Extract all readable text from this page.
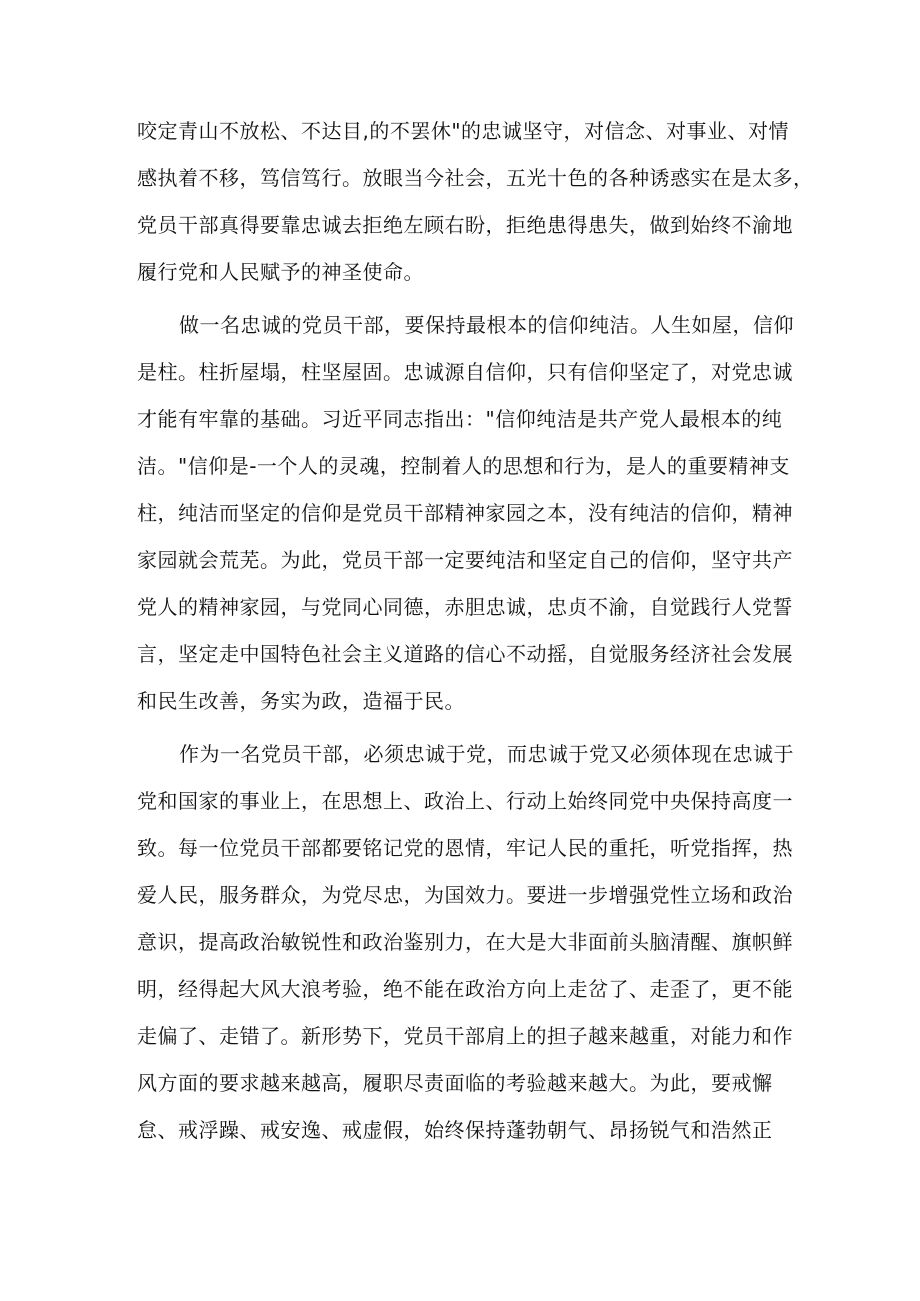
咬定青山不放松、不达目,的不罢休"的忠诚坚守，对信念、对事业、对情
感执着不移，笃信笃行。放眼当今社会，五光十色的各种诱惑实在是太多，
党员干部真得要靠忠诚去拒绝左顾右盼，拒绝患得患失，做到始终不渝地
履行党和人民赋予的神圣使命。
做一名忠诚的党员干部，要保持最根本的信仰纯洁。人生如屋，信仰
是柱。柱折屋塌，柱坚屋固。忠诚源自信仰，只有信仰坚定了，对党忠诚
才能有牢靠的基础。习近平同志指出："信仰纯洁是共产党人最根本的纯
洁。"信仰是-一个人的灵魂，控制着人的思想和行为，是人的重要精神支
柱，纯洁而坚定的信仰是党员干部精神家园之本，没有纯洁的信仰，精神
家园就会荒芜。为此，党员干部一定要纯洁和坚定自己的信仰，坚守共产
党人的精神家园，与党同心同德，赤胆忠诚，忠贞不渝，自觉践行人党誓
言，坚定走中国特色社会主义道路的信心不动摇，自觉服务经济社会发展
和民生改善，务实为政，造福于民。
作为一名党员干部，必须忠诚于党，而忠诚于党又必须体现在忠诚于
党和国家的事业上，在思想上、政治上、行动上始终同党中央保持高度一
致。每一位党员干部都要铭记党的恩情，牢记人民的重托，听党指挥，热
爱人民，服务群众，为党尽忠，为国效力。要进一步增强党性立场和政治
意识，提高政治敏锐性和政治鉴别力，在大是大非面前头脑清醒、旗帜鲜
明，经得起大风大浪考验，绝不能在政治方向上走岔了、走歪了，更不能
走偏了、走错了。新形势下，党员干部肩上的担子越来越重，对能力和作
风方面的要求越来越高，履职尽责面临的考验越来越大。为此，要戒懈
怠、戒浮躁、戒安逸、戒虚假，始终保持蓬勃朝气、昂扬锐气和浩然正
